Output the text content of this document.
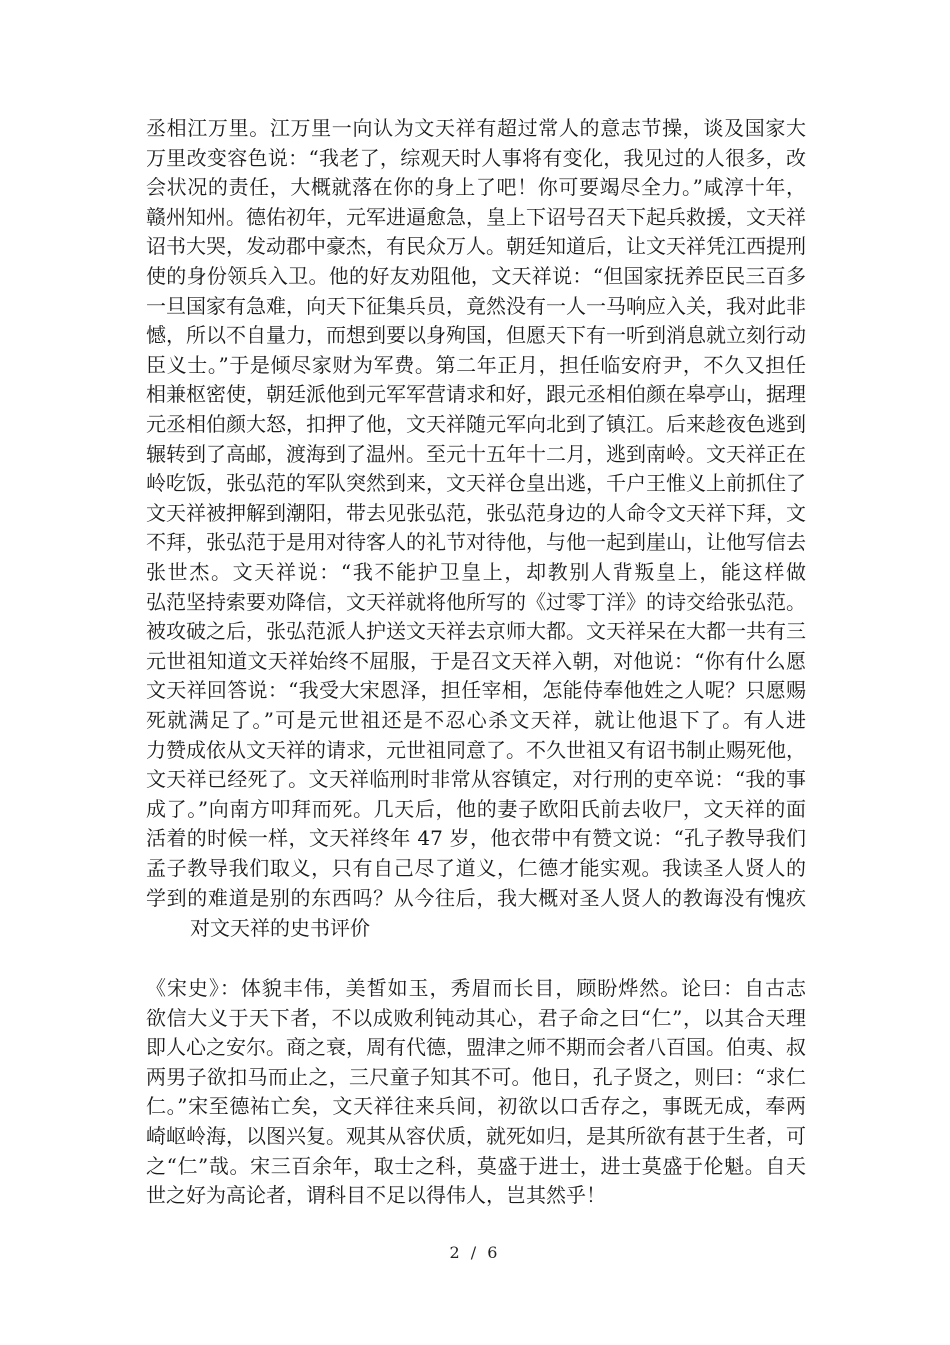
丞相江万里。江万里一向认为文天祥有超过常人的意志节操，谈及国家大
万里改变容色说：“我老了，综观天时人事将有变化，我见过的人很多，改
会状况的责任，大概就落在你的身上了吧！你可要竭尽全力。”咸淳十年，
赣州知州。德佑初年，元军进逼愈急，皇上下诏号召天下起兵救援，文天祥
诏书大哭，发动郡中豪杰，有民众万人。朝廷知道后，让文天祥凭江西提刑
使的身份领兵入卫。他的好友劝阻他，文天祥说：“但国家抚养臣民三百多
一旦国家有急难，向天下征集兵员，竟然没有一人一马响应入关，我对此非
憾，所以不自量力，而想到要以身殉国，但愿天下有一听到消息就立刻行动
臣义士。”于是倾尽家财为军费。第二年正月，担任临安府尹，不久又担任
相兼枢密使，朝廷派他到元军军营请求和好，跟元丞相伯颜在皋亭山，据理
元丞相伯颜大怒，扣押了他，文天祥随元军向北到了镇江。后来趁夜色逃到
辗转到了高邮，渡海到了温州。至元十五年十二月，逃到南岭。文天祥正在
岭吃饭，张弘范的军队突然到来，文天祥仓皇出逃，千户王惟义上前抓住了
文天祥被押解到潮阳，带去见张弘范，张弘范身边的人命令文天祥下拜，文
不拜，张弘范于是用对待客人的礼节对待他，与他一起到崖山，让他写信去
张世杰。文天祥说：“我不能护卫皇上，却教别人背叛皇上，能这样做
弘范坚持索要劝降信，文天祥就将他所写的《过零丁洋》的诗交给张弘范。
被攻破之后，张弘范派人护送文天祥去京师大都。文天祥呆在大都一共有三
元世祖知道文天祥始终不屈服，于是召文天祥入朝，对他说：“你有什么愿
文天祥回答说：“我受大宋恩泽，担任宰相，怎能侍奉他姓之人呢？只愿赐
死就满足了。”可是元世祖还是不忍心杀文天祥，就让他退下了。有人进
力赞成依从文天祥的请求，元世祖同意了。不久世祖又有诏书制止赐死他，
文天祥已经死了。文天祥临刑时非常从容镇定，对行刑的吏卒说：“我的事
成了。”向南方叩拜而死。几天后，他的妻子欧阳氏前去收尸，文天祥的面
活着的时候一样，文天祥终年 47 岁，他衣带中有赞文说：“孔子教导我们
孟子教导我们取义，只有自己尽了道义，仁德才能实观。我读圣人贤人的
学到的难道是别的东西吗？从今往后，我大概对圣人贤人的教诲没有愧疚
对文天祥的史书评价
《宋史》：体貌丰伟，美皙如玉，秀眉而长目，顾盼烨然。论曰：自古志
欲信大义于天下者，不以成败利钝动其心，君子命之曰“仁”，以其合天理
即人心之安尔。商之衰，周有代德，盟津之师不期而会者八百国。伯夷、叔
两男子欲扣马而止之，三尺童子知其不可。他日，孔子贤之，则曰：“求仁
仁。”宋至德祐亡矣，文天祥往来兵间，初欲以口舌存之，事既无成，奉两
崎岖岭海，以图兴复。观其从容伏质，就死如归，是其所欲有甚于生者，可
之“仁”哉。宋三百余年，取士之科，莫盛于进士，进士莫盛于伦魁。自天
世之好为高论者，谓科目不足以得伟人，岂其然乎！
2 / 6
